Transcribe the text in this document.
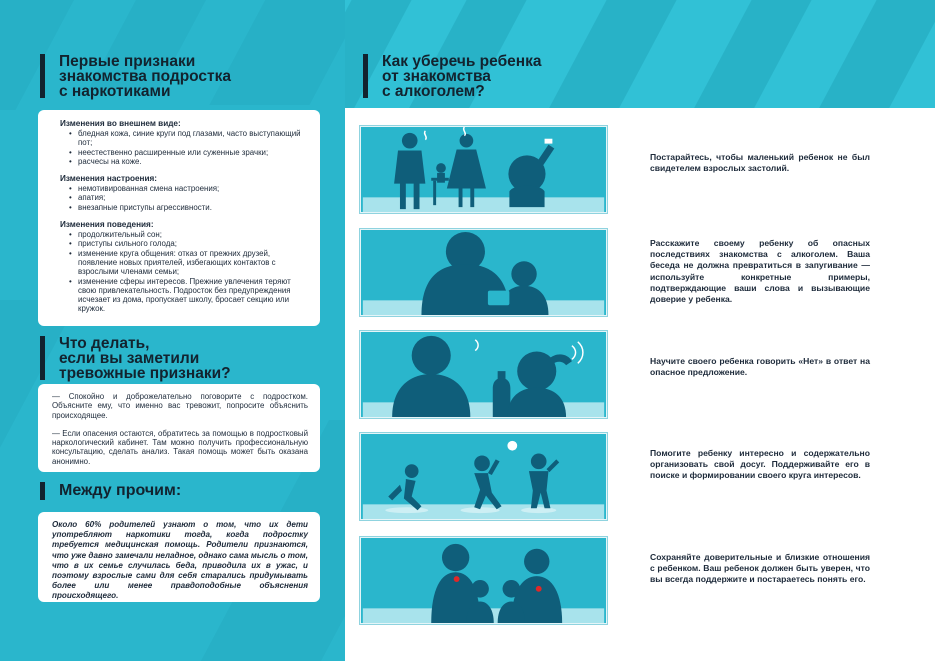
Первые признаки
знакомства подростка
с наркотиками
Изменения во внешнем виде:
• бледная кожа, синие круги под глазами, часто выступающий пот;
• неестественно расширенные или суженные зрачки;
• расчесы на коже.
Изменения настроения:
• немотивированная смена настроения;
• апатия;
• внезапные приступы агрессивности.
Изменения поведения:
• продолжительный сон;
• приступы сильного голода;
• изменение круга общения: отказ от прежних друзей, появление новых приятелей, избегающих контактов с взрослыми членами семьи;
• изменение сферы интересов. Прежние увлечения теряют свою привлекательность. Подросток без предупреждения исчезает из дома, пропускает школу, бросает секцию или кружок.
Что делать,
если вы заметили
тревожные признаки?
— Спокойно и доброжелательно поговорите с подростком. Объясните ему, что именно вас тревожит, попросите объяснить происходящее.
— Если опасения остаются, обратитесь за помощью в подростковый наркологический кабинет. Там можно получить профессиональную консультацию, сделать анализ. Такая помощь может быть оказана анонимно.
Между прочим:
Около 60% родителей узнают о том, что их дети употребляют наркотики тогда, когда подростку требуется медицинская помощь. Родители признаются, что уже давно замечали неладное, однако сама мысль о том, что в их семье случилась беда, приводила их в ужас, и поэтому взрослые сами для себя старались придумывать более или менее правдоподобные объяснения происходящего.
Как уберечь ребенка
от знакомства
с алкоголем?
Постарайтесь, чтобы маленький ребенок не был свидетелем взрослых застолий.
Расскажите своему ребенку об опасных последствиях знакомства с алкоголем. Ваша беседа не должна превратиться в запугивание — используйте конкретные примеры, подтверждающие ваши слова и вызывающие доверие у ребенка.
Научите своего ребенка говорить «Нет» в ответ на опасное предложение.
Помогите ребенку интересно и содержательно организовать свой досуг. Поддерживайте его в поиске и формировании своего круга интересов.
Сохраняйте доверительные и близкие отношения с ребенком. Ваш ребенок должен быть уверен, что вы всегда поддержите и постараетесь понять его.
